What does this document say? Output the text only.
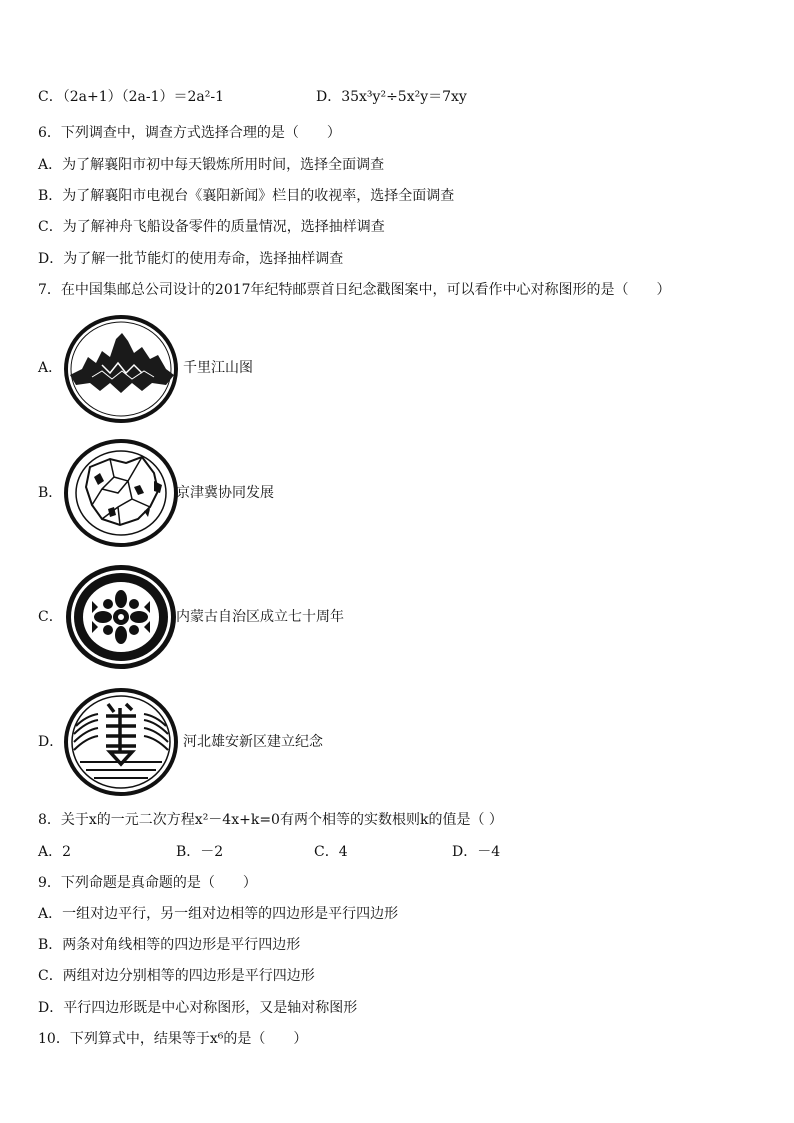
C．（2a+1）（2a-1）＝2a²-1	D．35x³y²÷5x²y＝7xy
6．下列调查中，调查方式选择合理的是（　　）
A．为了解襄阳市初中每天锻炼所用时间，选择全面调查
B．为了解襄阳市电视台《襄阳新闻》栏目的收视率，选择全面调查
C．为了解神舟飞船设备零件的质量情况，选择抽样调查
D．为了解一批节能灯的使用寿命，选择抽样调查
7．在中国集邮总公司设计的2017年纪特邮票首日纪念戳图案中，可以看作中心对称图形的是（　　）
A．	千里江山图
B．	京津冀协同发展
C．	内蒙古自治区成立七十周年
D．	河北雄安新区建立纪念
8．关于x的一元二次方程x²－4x+k=0有两个相等的实数根则k的值是（ ）
A．2	B．－2	C．4	D．－4
9．下列命题是真命题的是（　　）
A．一组对边平行，另一组对边相等的四边形是平行四边形
B．两条对角线相等的四边形是平行四边形
C．两组对边分别相等的四边形是平行四边形
D．平行四边形既是中心对称图形，又是轴对称图形
10．下列算式中，结果等于x⁶的是（　　）
